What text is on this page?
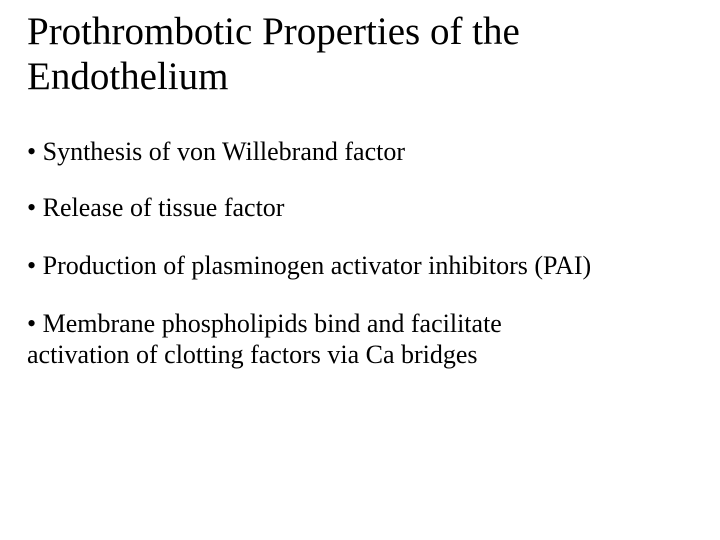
Prothrombotic Properties of the
Endothelium
• Synthesis of von Willebrand factor
• Release of tissue factor
• Production of plasminogen activator inhibitors (PAI)
• Membrane phospholipids bind and facilitate
activation of clotting factors via Ca bridges
